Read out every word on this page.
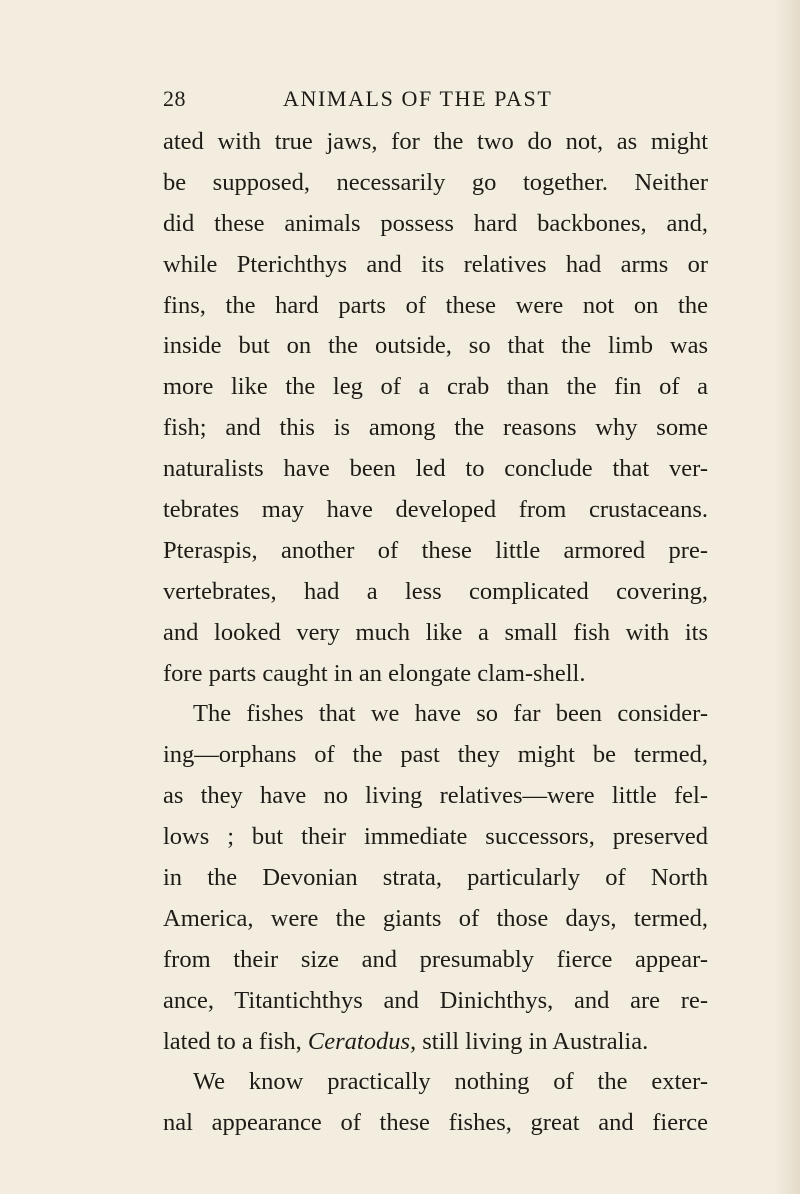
28	ANIMALS OF THE PAST
ated with true jaws, for the two do not, as might
be supposed, necessarily go together. Neither
did these animals possess hard backbones, and,
while Pterichthys and its relatives had arms or
fins, the hard parts of these were not on the
inside but on the outside, so that the limb was
more like the leg of a crab than the fin of a
fish; and this is among the reasons why some
naturalists have been led to conclude that ver-
tebrates may have developed from crustaceans.
Pteraspis, another of these little armored pre-
vertebrates, had a less complicated covering,
and looked very much like a small fish with its
fore parts caught in an elongate clam-shell.
The fishes that we have so far been consider-
ing—orphans of the past they might be termed,
as they have no living relatives—were little fel-
lows ; but their immediate successors, preserved
in the Devonian strata, particularly of North
America, were the giants of those days, termed,
from their size and presumably fierce appear-
ance, Titantichthys and Dinichthys, and are re-
lated to a fish, Ceratodus, still living in Australia.
We know practically nothing of the exter-
nal appearance of these fishes, great and fierce
